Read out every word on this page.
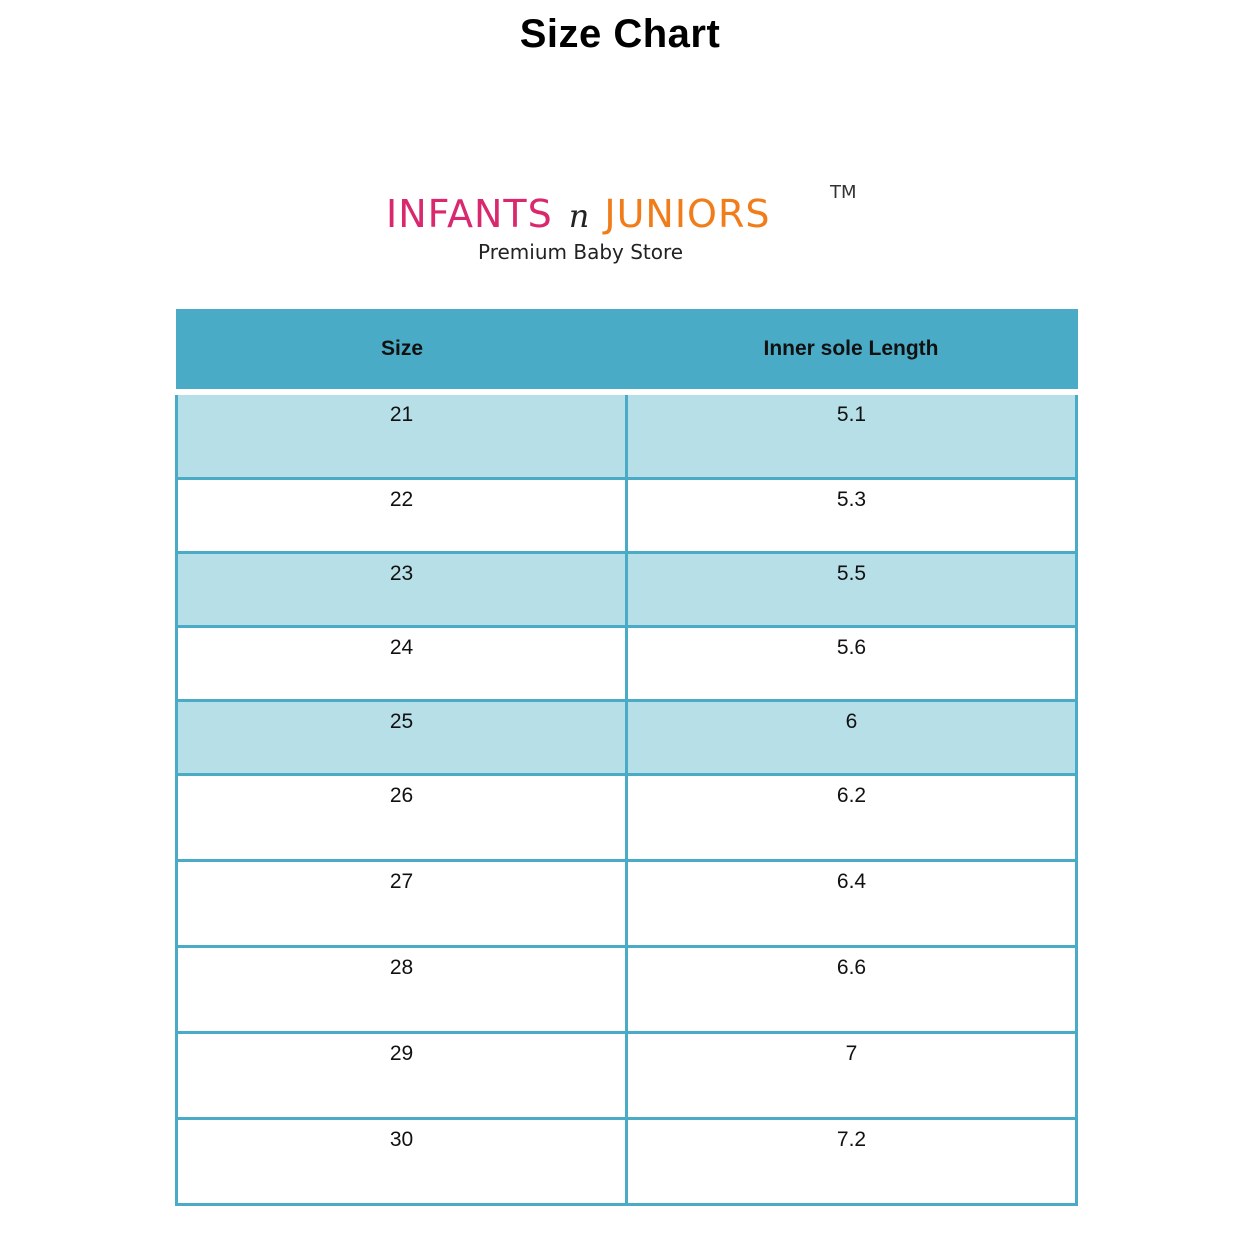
Size Chart
INFANTS n JUNIORS	TM
Premium Baby Store
Size	Inner sole Length
21	5.1
22	5.3
23	5.5
24	5.6
25	6
26	6.2
27	6.4
28	6.6
29	7
30	7.2
